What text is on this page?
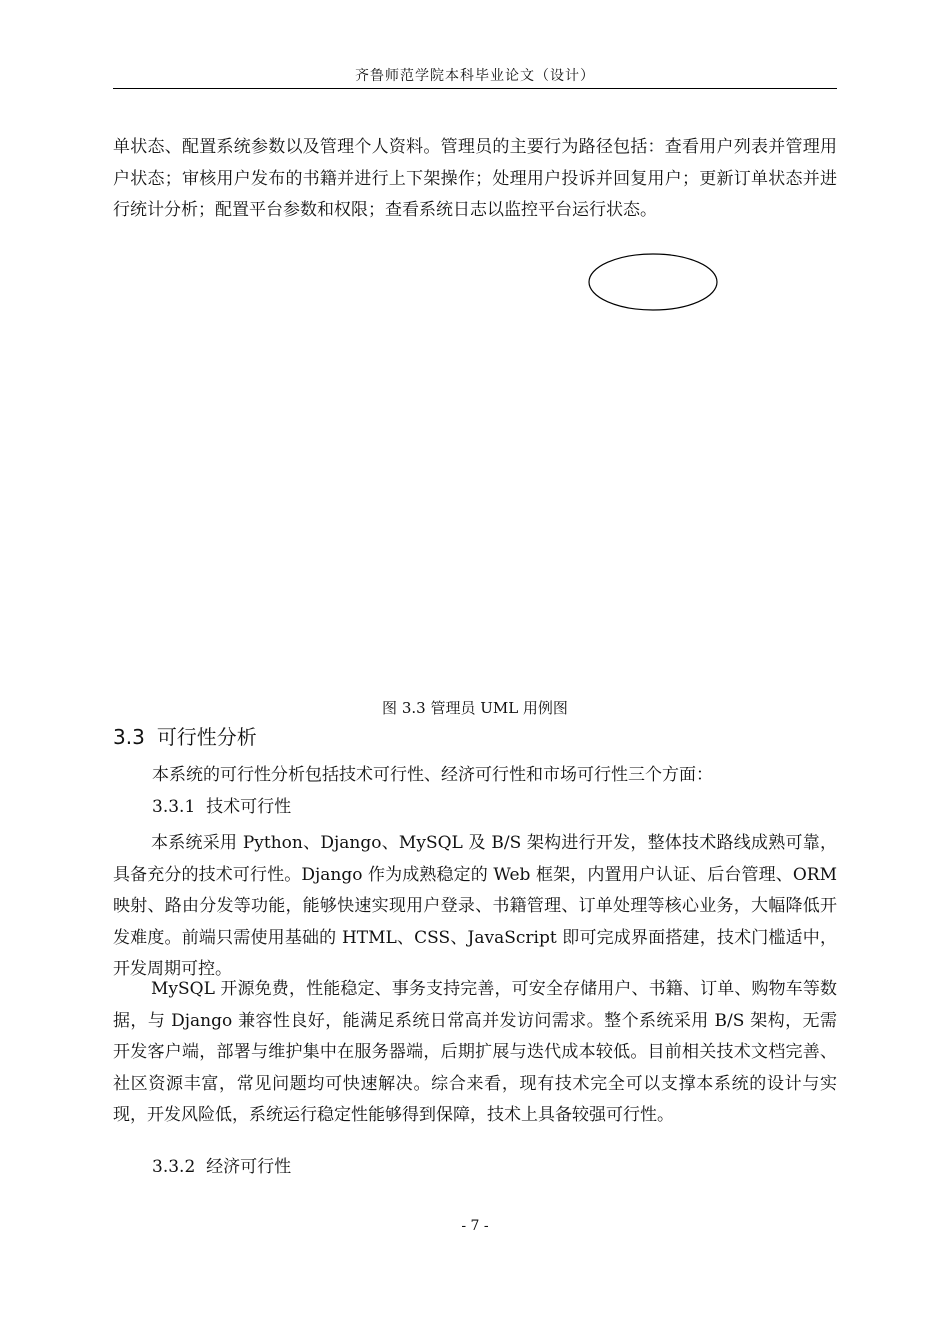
齐鲁师范学院本科毕业论文（设计）
单状态、配置系统参数以及管理个人资料。管理员的主要行为路径包括：查看用户列表并管理用户状态；审核用户发布的书籍并进行上下架操作；处理用户投诉并回复用户；更新订单状态并进行统计分析；配置平台参数和权限；查看系统日志以监控平台运行状态。
图 3.3 管理员 UML 用例图
3.3 可行性分析
本系统的可行性分析包括技术可行性、经济可行性和市场可行性三个方面：
3.3.1 技术可行性
本系统采用 Python、Django、MySQL 及 B/S 架构进行开发，整体技术路线成熟可靠，具备充分的技术可行性。Django 作为成熟稳定的 Web 框架，内置用户认证、后台管理、ORM 映射、路由分发等功能，能够快速实现用户登录、书籍管理、订单处理等核心业务，大幅降低开发难度。前端只需使用基础的 HTML、CSS、JavaScript 即可完成界面搭建，技术门槛适中，开发周期可控。
MySQL 开源免费，性能稳定、事务支持完善，可安全存储用户、书籍、订单、购物车等数据，与 Django 兼容性良好，能满足系统日常高并发访问需求。整个系统采用 B/S 架构，无需开发客户端，部署与维护集中在服务器端，后期扩展与迭代成本较低。目前相关技术文档完善、社区资源丰富，常见问题均可快速解决。综合来看，现有技术完全可以支撑本系统的设计与实现，开发风险低，系统运行稳定性能够得到保障，技术上具备较强可行性。
3.3.2 经济可行性
- 7 -
